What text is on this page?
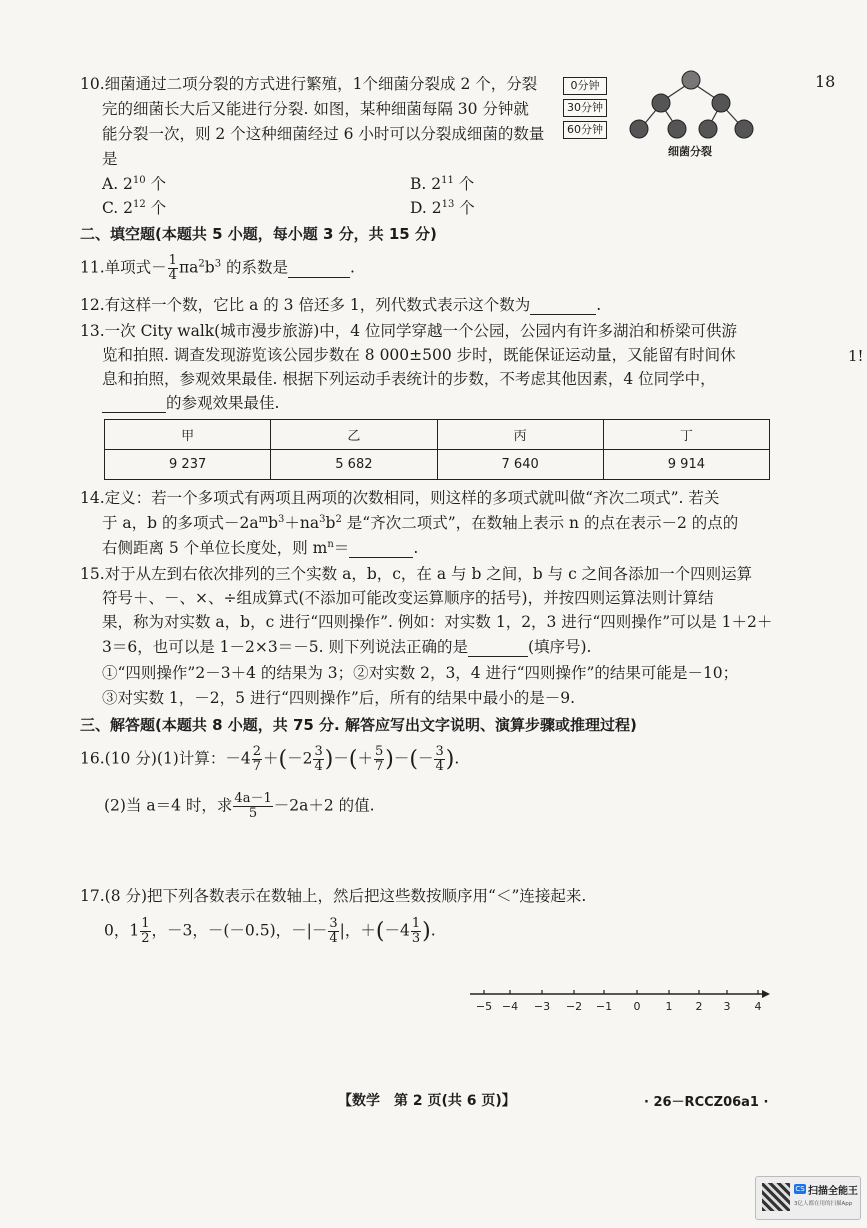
18
1!
10.细菌通过二项分裂的方式进行繁殖，1个细菌分裂成 2 个，分裂
完的细菌长大后又能进行分裂. 如图，某种细菌每隔 30 分钟就
能分裂一次，则 2 个这种细菌经过 6 小时可以分裂成细菌的数量
是
A. $2^{10}$ 个	B. $2^{11}$ 个
C. $2^{12}$ 个	D. $2^{13}$ 个
0分钟
30分钟
60分钟
细菌分裂
二、填空题(本题共 5 小题，每小题 3 分，共 15 分)
11.单项式－ $\frac{1}{4} \pi a^2b^3$ 的系数是	.
12.有这样一个数，它比 a 的 3 倍还多 1，列代数式表示这个数为	.
13.一次 City walk(城市漫步旅游)中，4 位同学穿越一个公园，公园内有许多湖泊和桥梁可供游
览和拍照. 调查发现游览该公园步数在 8 000±500 步时，既能保证运动量，又能留有时间休
息和拍照，参观效果最佳. 根据下列运动手表统计的步数，不考虑其他因素，4 位同学中，
的参观效果最佳.
甲	乙	丙	丁
9 237	5 682	7 640	9 914
14.定义：若一个多项式有两项且两项的次数相同，则这样的多项式就叫做“齐次二项式”. 若关
于 a，b 的多项式$-2a^mb^3+na^3b^2$ 是“齐次二项式”，在数轴上表示 n 的点在表示－2 的点的
右侧距离 5 个单位长度处，则 $m^n=$	.
15.对于从左到右依次排列的三个实数 a，b，c，在 a 与 b 之间，b 与 c 之间各添加一个四则运算
符号＋、－、×、÷组成算式(不添加可能改变运算顺序的括号)，并按四则运算法则计算结
果，称为对实数 a，b，c 进行“四则操作”. 例如：对实数 1，2，3 进行“四则操作”可以是 1＋2＋
3＝6，也可以是 1－2×3＝－5. 则下列说法正确的是	(填序号).
①“四则操作”2－3＋4 的结果为 3；②对实数 2，3，4 进行“四则操作”的结果可能是－10；
③对实数 1，－2，5 进行“四则操作”后，所有的结果中最小的是－9.
三、解答题(本题共 8 小题，共 75 分. 解答应写出文字说明、演算步骤或推理过程)
16.(10 分)(1)计算：$-4 \frac{2}{7} +(-2 \frac{3}{4}$ )－(＋ $\frac{5}{7}$ )－(－ $\frac{3}{4}$ ).
(2)当 a＝4 时，求 $\frac{4a-1}{5} -2a+2$ 的值.
17.(8 分)把下列各数表示在数轴上，然后把这些数按顺序用“＜”连接起来.
0，$1 \frac{1}{2}$ ，－3，－(－0.5)，－|－ $\frac{3}{4}$ |，$+(-4 \frac{1}{3}$ ).
−5 −4 −3 −2 −1 0 1 2 3 4
【数学　第 2 页(共 6 页)】	· 26－RCCZ06a1 ·
CS 扫描全能王
3亿人都在用的扫描App
